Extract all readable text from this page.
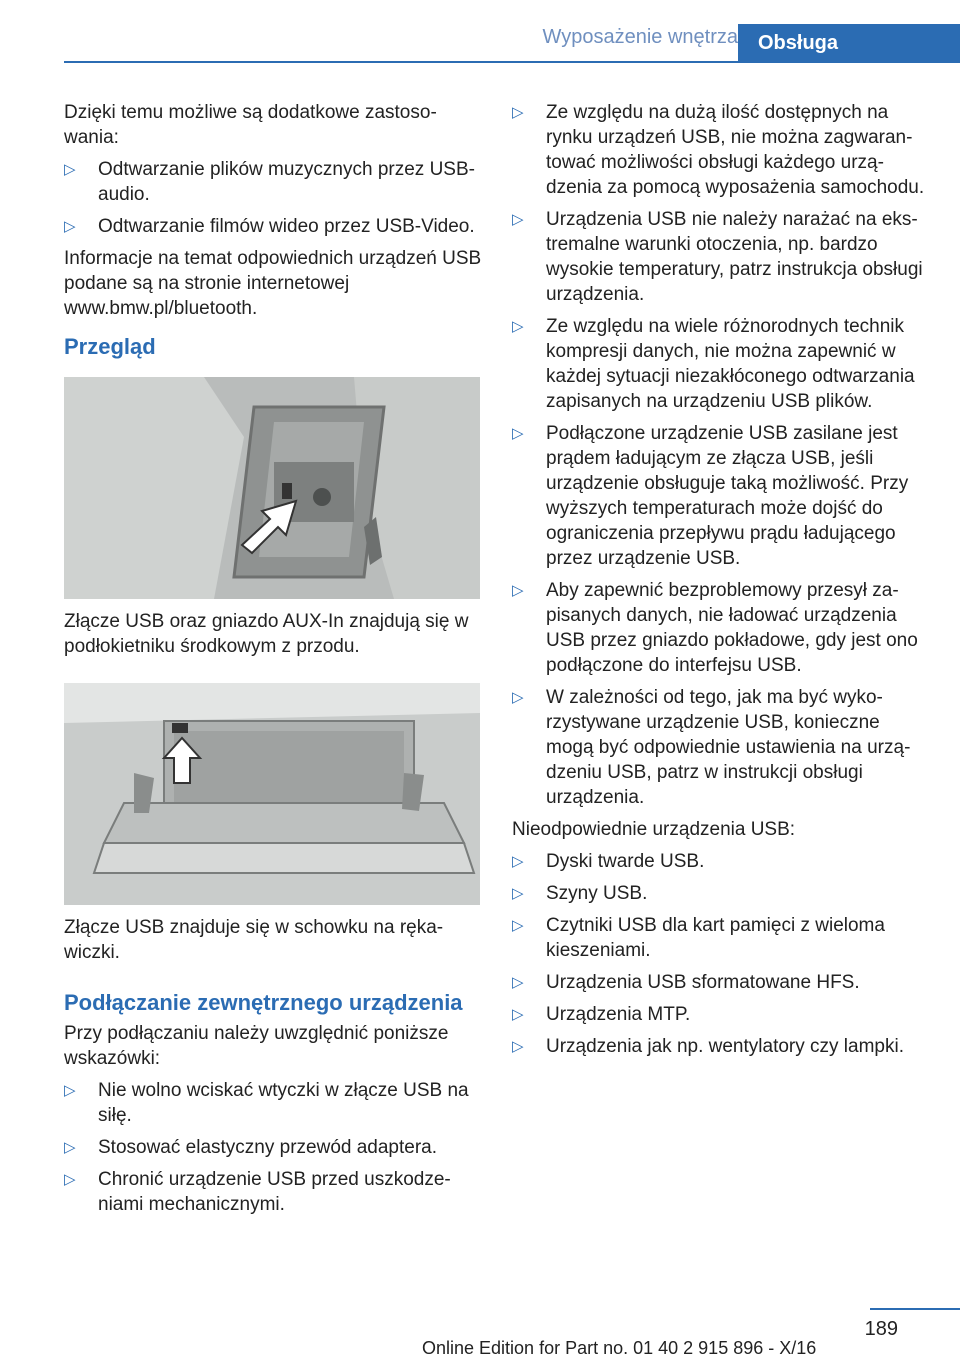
Wyposażenie wnętrza Obsługa

Dzięki temu możliwe są dodatkowe zastosowania:

▷ Odtwarzanie plików muzycznych przez USB-audio.
▷ Odtwarzanie filmów wideo przez USB-Video.

Informacje na temat odpowiednich urządzeń USB podane są na stronie internetowej www.bmw.pl/bluetooth.

Przegląd

Złącze USB oraz gniazdo AUX-In znajdują się w podłokietniku środkowym z przodu.

Złącze USB znajduje się w schowku na rękawiczki.

Podłączanie zewnętrznego urządzenia

Przy podłączaniu należy uwzględnić poniższe wskazówki:

▷ Nie wolno wciskać wtyczki w złącze USB na siłę.
▷ Stosować elastyczny przewód adaptera.
▷ Chronić urządzenie USB przed uszkodzeniami mechanicznymi.
▷ Ze względu na dużą ilość dostępnych na rynku urządzeń USB, nie można zagwarantować możliwości obsługi każdego urządzenia za pomocą wyposażenia samochodu.
▷ Urządzenia USB nie należy narażać na ekstremalne warunki otoczenia, np. bardzo wysokie temperatury, patrz instrukcja obsługi urządzenia.
▷ Ze względu na wiele różnorodnych technik kompresji danych, nie można zapewnić w każdej sytuacji niezakłóconego odtwarzania zapisanych na urządzeniu USB plików.
▷ Podłączone urządzenie USB zasilane jest prądem ładującym ze złącza USB, jeśli urządzenie obsługuje taką możliwość. Przy wyższych temperaturach może dojść do ograniczenia przepływu prądu ładującego przez urządzenie USB.
▷ Aby zapewnić bezproblemowy przesył zapisanych danych, nie ładować urządzenia USB przez gniazdo pokładowe, gdy jest ono podłączone do interfejsu USB.
▷ W zależności od tego, jak ma być wykorzystywane urządzenie USB, konieczne mogą być odpowiednie ustawienia na urządzeniu USB, patrz w instrukcji obsługi urządzenia.

Nieodpowiednie urządzenia USB:

▷ Dyski twarde USB.
▷ Szyny USB.
▷ Czytniki USB dla kart pamięci z wieloma kieszeniami.
▷ Urządzenia USB sformatowane HFS.
▷ Urządzenia MTP.
▷ Urządzenia jak np. wentylatory czy lampki.
189
Online Edition for Part no. 01 40 2 915 896 - X/16
